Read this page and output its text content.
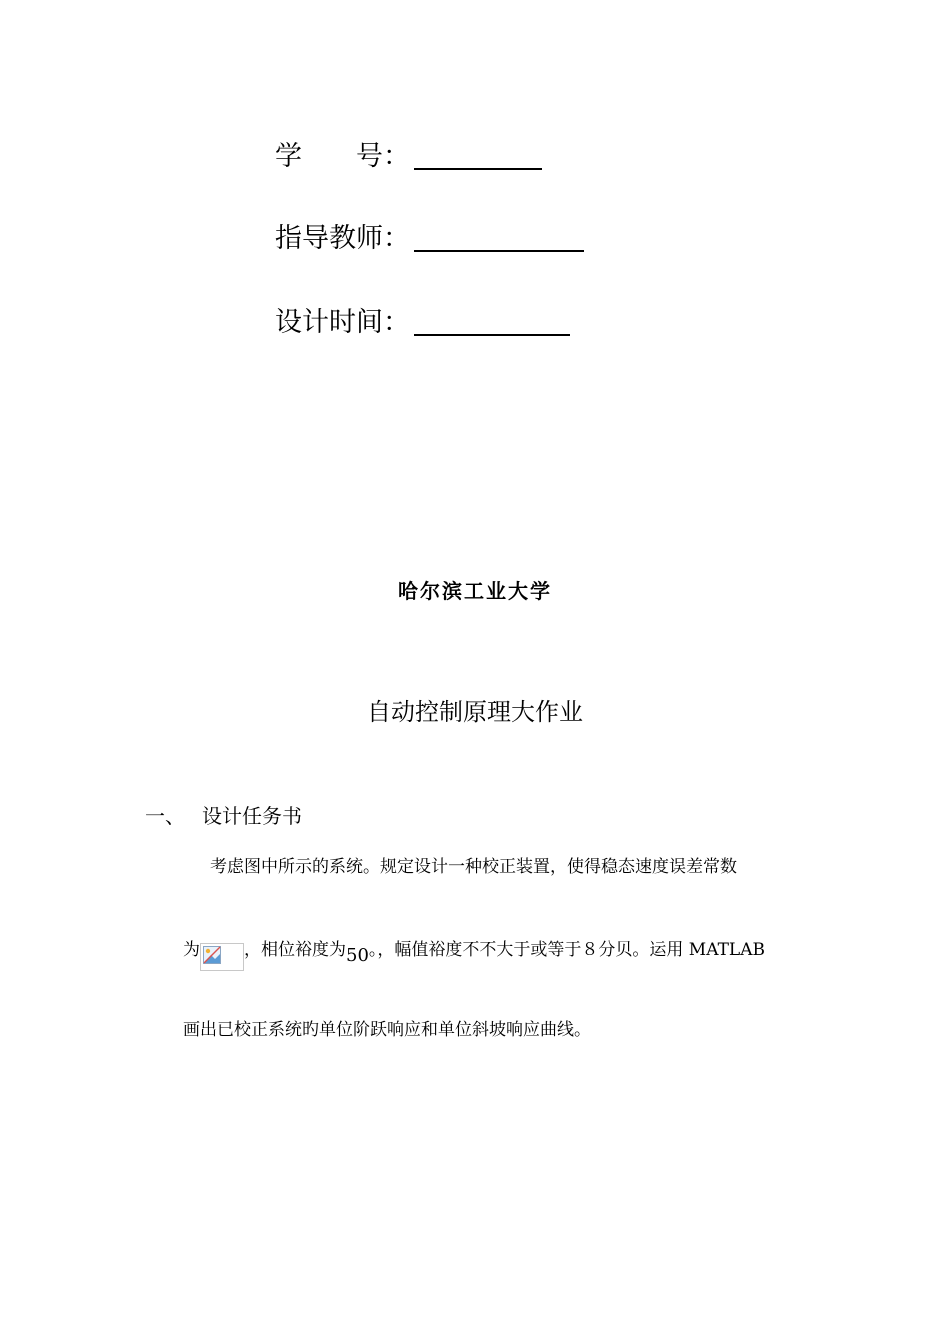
学　　号：
指导教师：
设计时间：
哈尔滨工业大学
自动控制原理大作业
一、 设计任务书
考虑图中所示的系统。规定设计一种校正装置，使得稳态速度误差常数
为	，相位裕度为 50 。，幅值裕度不不大于或等于８分贝。运用 MATLAB
画出已校正系统旳单位阶跃响应和单位斜坡响应曲线。
